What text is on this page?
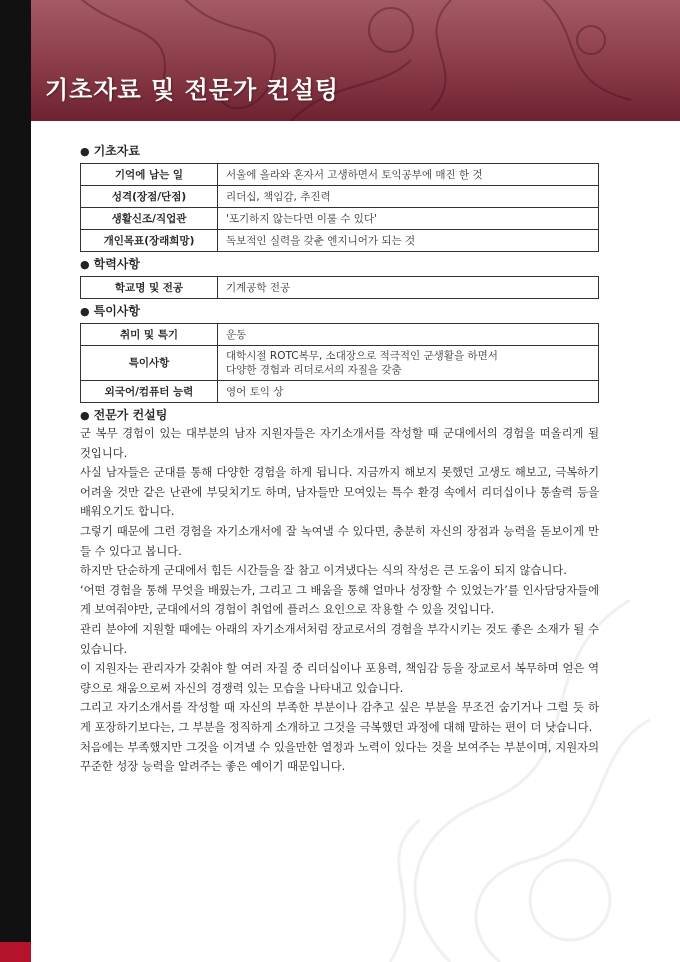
기초자료 및 전문가 컨설팅
● 기초자료
기억에 남는 일	서울에 올라와 혼자서 고생하면서 토익공부에 매진 한 것
성격(장점/단점)	리더십, 책임감, 추진력
생활신조/직업관	'포기하지 않는다면 이룰 수 있다'
개인목표(장래희망)	독보적인 실력을 갖춘 엔지니어가 되는 것
● 학력사항
학교명 및 전공	기계공학 전공
● 특이사항
취미 및 특기	운동
특이사항	대학시절 ROTC복무, 소대장으로 적극적인 군생활을 하면서
다양한 경험과 리더로서의 자질을 갖춤

외국어/컴퓨터 능력	영어 토익 상
● 전문가 컨설팅

군 복무 경험이 있는 대부분의 남자 지원자들은 자기소개서를 작성할 때 군대에서의 경험을 떠올리게 될 것입니다.

사실 남자들은 군대를 통해 다양한 경험을 하게 됩니다. 지금까지 해보지 못했던 고생도 해보고, 극복하기 어려울 것만 같은 난관에 부딪치기도 하며, 남자들만 모여있는 특수 환경 속에서 리더십이나 통솔력 등을 배워오기도 합니다.

그렇기 때문에 그런 경험을 자기소개서에 잘 녹여낼 수 있다면, 충분히 자신의 장점과 능력을 돋보이게 만들 수 있다고 봅니다.

하지만 단순하게 군대에서 힘든 시간들을 잘 참고 이겨냈다는 식의 작성은 큰 도움이 되지 않습니다.

‘어떤 경험을 통해 무엇을 배웠는가, 그리고 그 배움을 통해 얼마나 성장할 수 있었는가’를 인사담당자들에게 보여줘야만, 군대에서의 경험이 취업에 플러스 요인으로 작용할 수 있을 것입니다.

관리 분야에 지원할 때에는 아래의 자기소개서처럼 장교로서의 경험을 부각시키는 것도 좋은 소재가 될 수 있습니다.

이 지원자는 관리자가 갖춰야 할 여러 자질 중 리더십이나 포용력, 책임감 등을 장교로서 복무하며 얻은 역량으로 채움으로써 자신의 경쟁력 있는 모습을 나타내고 있습니다.

그리고 자기소개서를 작성할 때 자신의 부족한 부분이나 감추고 싶은 부분을 무조건 숨기거나 그럴 듯 하게 포장하기보다는, 그 부분을 정직하게 소개하고 그것을 극복했던 과정에 대해 말하는 편이 더 낫습니다.

처음에는 부족했지만 그것을 이겨낼 수 있을만한 열정과 노력이 있다는 것을 보여주는 부분이며, 지원자의 꾸준한 성장 능력을 알려주는 좋은 예이기 때문입니다.
